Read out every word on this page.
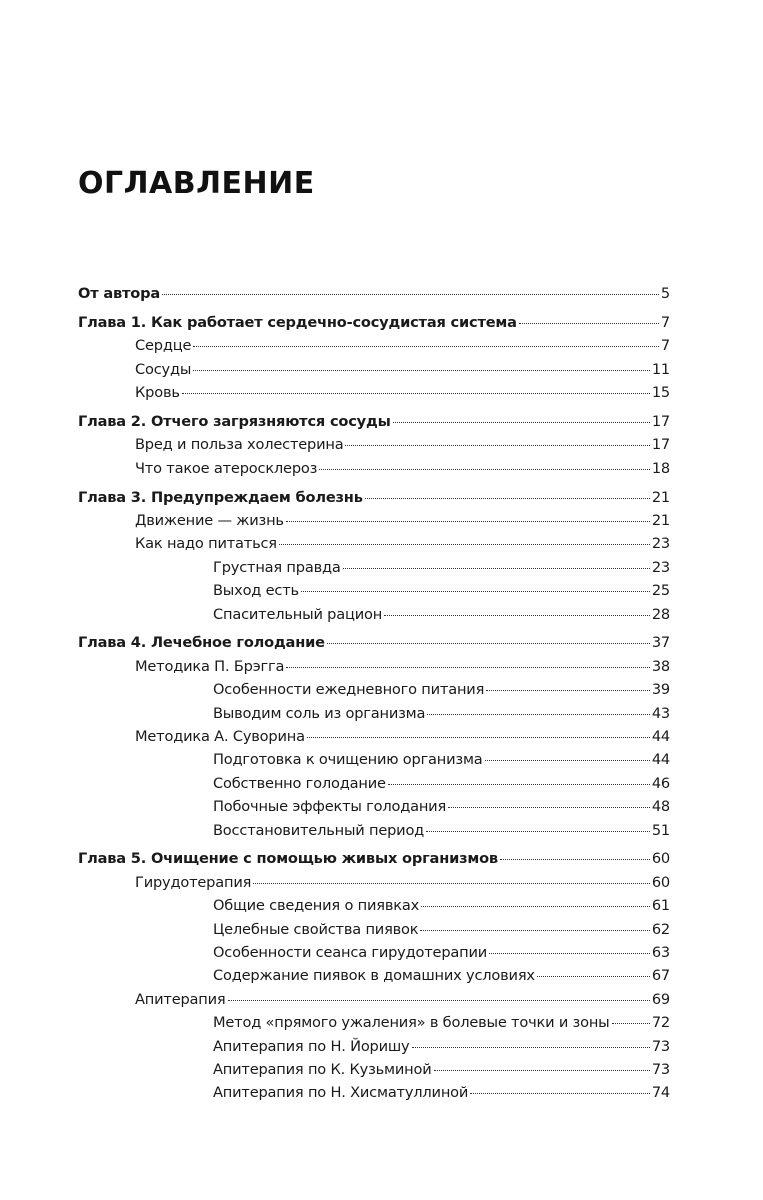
ОГЛАВЛЕНИЕ
От автора	5
Глава 1. Как работает сердечно-сосудистая система	7
Сердце	7
Сосуды	11
Кровь	15
Глава 2. Отчего загрязняются сосуды	17
Вред и польза холестерина	17
Что такое атеросклероз	18
Глава 3. Предупреждаем болезнь	21
Движение — жизнь	21
Как надо питаться	23
Грустная правда	23
Выход есть	25
Спасительный рацион	28
Глава 4. Лечебное голодание	37
Методика П. Брэгга	38
Особенности ежедневного питания	39
Выводим соль из организма	43
Методика А. Суворина	44
Подготовка к очищению организма	44
Собственно голодание	46
Побочные эффекты голодания	48
Восстановительный период	51
Глава 5. Очищение с помощью живых организмов	60
Гирудотерапия	60
Общие сведения о пиявках	61
Целебные свойства пиявок	62
Особенности сеанса гирудотерапии	63
Содержание пиявок в домашних условиях	67
Апитерапия	69
Метод «прямого ужаления» в болевые точки и зоны	72
Апитерапия по Н. Йоришу	73
Апитерапия по К. Кузьминой	73
Апитерапия по Н. Хисматуллиной	74
